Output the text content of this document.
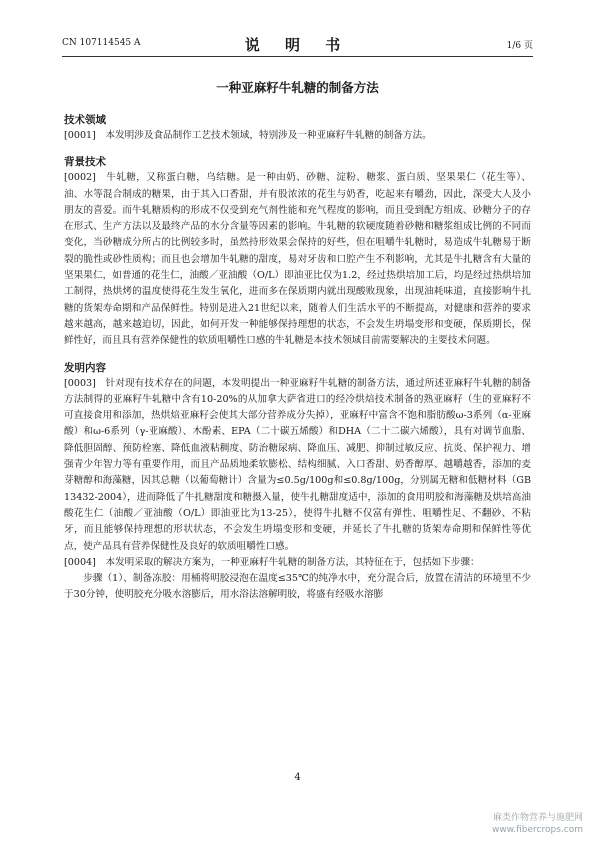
CN 107114545 A	说 明 书	1/6 页
一种亚麻籽牛轧糖的制备方法
技术领域

[0001]　本发明涉及食品制作工艺技术领域，特别涉及一种亚麻籽牛轧糖的制备方法。

背景技术

[0002]　牛轧糖，又称蛋白糖，乌结糖。是一种由奶、砂糖、淀粉、糖浆、蛋白质、坚果果仁（花生等）、油、水等混合制成的糖果，由于其入口香甜，并有股浓浓的花生与奶香，吃起来有嚼劲，因此，深受大人及小朋友的喜爱。而牛轧糖质构的形成不仅受到充气剂性能和充气程度的影响，而且受到配方组成、砂糖分子的存在形式、生产方法以及最终产品的水分含量等因素的影响。牛轧糖的软硬度随着砂糖和糖浆组成比例的不同而变化，当砂糖成分所占的比例较多时，虽然持形效果会保持的好些，但在咀嚼牛轧糖时，易造成牛轧糖易于断裂的脆性或砂性质构；而且也会增加牛轧糖的甜度，易对牙齿和口腔产生不利影响，尤其是牛扎糖含有大量的坚果果仁，如普通的花生仁，油酸／亚油酸（O/L）即油亚比仅为1.2，经过热烘培加工后，均是经过热烘培加工制得，热烘烤的温度使得花生发生氧化，进而多在保质期内就出现酸败现象，出现油耗味道，直接影响牛扎糖的货架寿命期和产品保鲜性。特别是进入21世纪以来，随着人们生活水平的不断提高，对健康和营养的要求越来越高，越来越迫切，因此，如何开发一种能够保持理想的状态，不会发生坍塌变形和变硬，保质期长，保鲜性好，而且具有营养保健性的软质咀嚼性口感的牛轧糖是本技术领域目前需要解决的主要技术问题。

发明内容

[0003]　针对现有技术存在的问题，本发明提出一种亚麻籽牛轧糖的制备方法，通过所述亚麻籽牛轧糖的制备方法制得的亚麻籽牛轧糖中含有10-20%的从加拿大萨省进口的经冷烘焙技术制备的熟亚麻籽（生的亚麻籽不可直接食用和添加，热烘焙亚麻籽会使其大部分营养成分失掉），亚麻籽中富含不饱和脂肪酸ω-3系列（α-亚麻酸）和ω-6系列（γ-亚麻酸）、木酚素、EPA（二十碳五烯酸）和DHA（二十二碳六烯酸），具有对调节血脂、降低胆固醇、预防栓塞、降低血液粘稠度、防治糖尿病、降血压、减肥、抑制过敏反应、抗炎、保护视力、增强青少年智力等有重要作用，而且产品质地柔软膨松、结构细腻、入口香甜、奶香醇厚、越嚼越香，添加的麦芽糖醇和海藻糖，因其总糖（以葡萄糖计）含量为≤0.5g/100g和≤0.8g/100g，分别属无糖和低糖材料（GB 13432-2004），进而降低了牛扎糖甜度和糖摄入量，使牛扎糖甜度适中，添加的食用明胶和海藻糖及烘培高油酸花生仁（油酸／亚油酸（O/L）即油亚比为13-25），使得牛扎糖不仅富有弹性、咀嚼性足、不翻砂、不粘牙，而且能够保持理想的形状状态，不会发生坍塌变形和变硬，并延长了牛扎糖的货架寿命期和保鲜性等优点，使产品具有营养保健性及良好的软质咀嚼性口感。

[0004]　本发明采取的解决方案为，一种亚麻籽牛轧糖的制备方法，其特征在于，包括如下步骤：

步骤（1）、制备冻胶：用桶将明胶浸泡在温度≤35℃的纯净水中，充分混合后，放置在清洁的环境里不少于30分钟，使明胶充分吸水溶膨后，用水浴法溶解明胶，将盛有经吸水溶膨

4
麻类作物营养与施肥网
www.fibercrops.com
